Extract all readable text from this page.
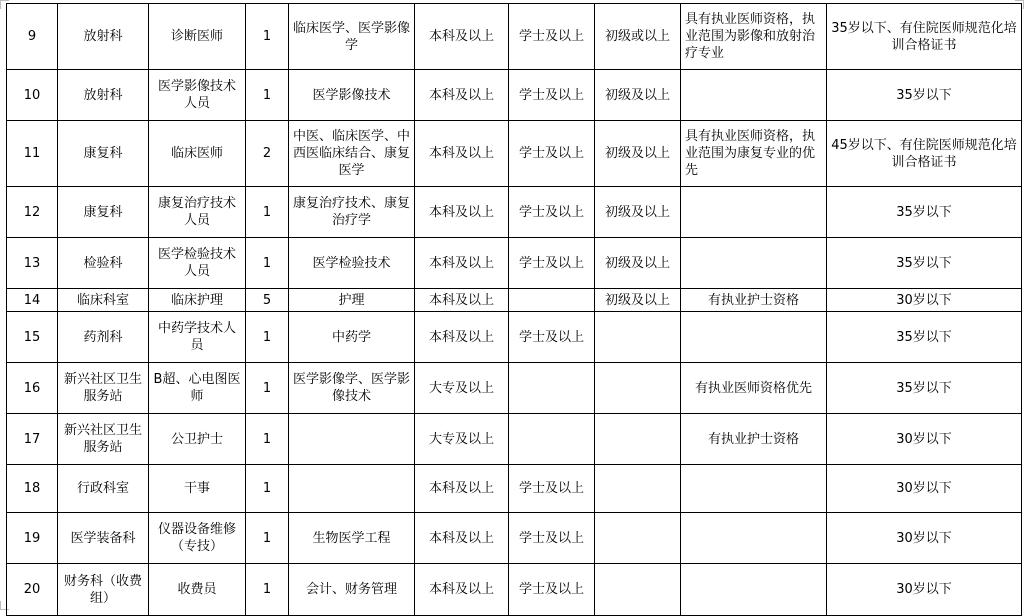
9	放射科	诊断医师	1	临床医学、医学影像学	本科及以上	学士及以上	初级或以上	具有执业医师资格，执业范围为影像和放射治疗专业	35岁以下、有住院医师规范化培训合格证书
10	放射科	医学影像技术人员	1	医学影像技术	本科及以上	学士及以上	初级及以上		35岁以下
11	康复科	临床医师	2	中医、临床医学、中西医临床结合、康复医学	本科及以上	学士及以上	初级及以上	具有执业医师资格，执业范围为康复专业的优先	45岁以下、有住院医师规范化培训合格证书
12	康复科	康复治疗技术人员	1	康复治疗技术、康复治疗学	本科及以上	学士及以上	初级及以上		35岁以下
13	检验科	医学检验技术人员	1	医学检验技术	本科及以上	学士及以上	初级及以上		35岁以下
14	临床科室	临床护理	5	护理	本科及以上		初级及以上	有执业护士资格	30岁以下
15	药剂科	中药学技术人员	1	中药学	本科及以上	学士及以上			35岁以下
16	新兴社区卫生服务站	B超、心电图医师	1	医学影像学、医学影像技术	大专及以上			有执业医师资格优先	35岁以下
17	新兴社区卫生服务站	公卫护士	1		大专及以上			有执业护士资格	30岁以下
18	行政科室	干事	1		本科及以上	学士及以上			30岁以下
19	医学装备科	仪器设备维修（专技）	1	生物医学工程	本科及以上	学士及以上			30岁以下
20	财务科（收费组）	收费员	1	会计、财务管理	本科及以上	学士及以上			30岁以下
